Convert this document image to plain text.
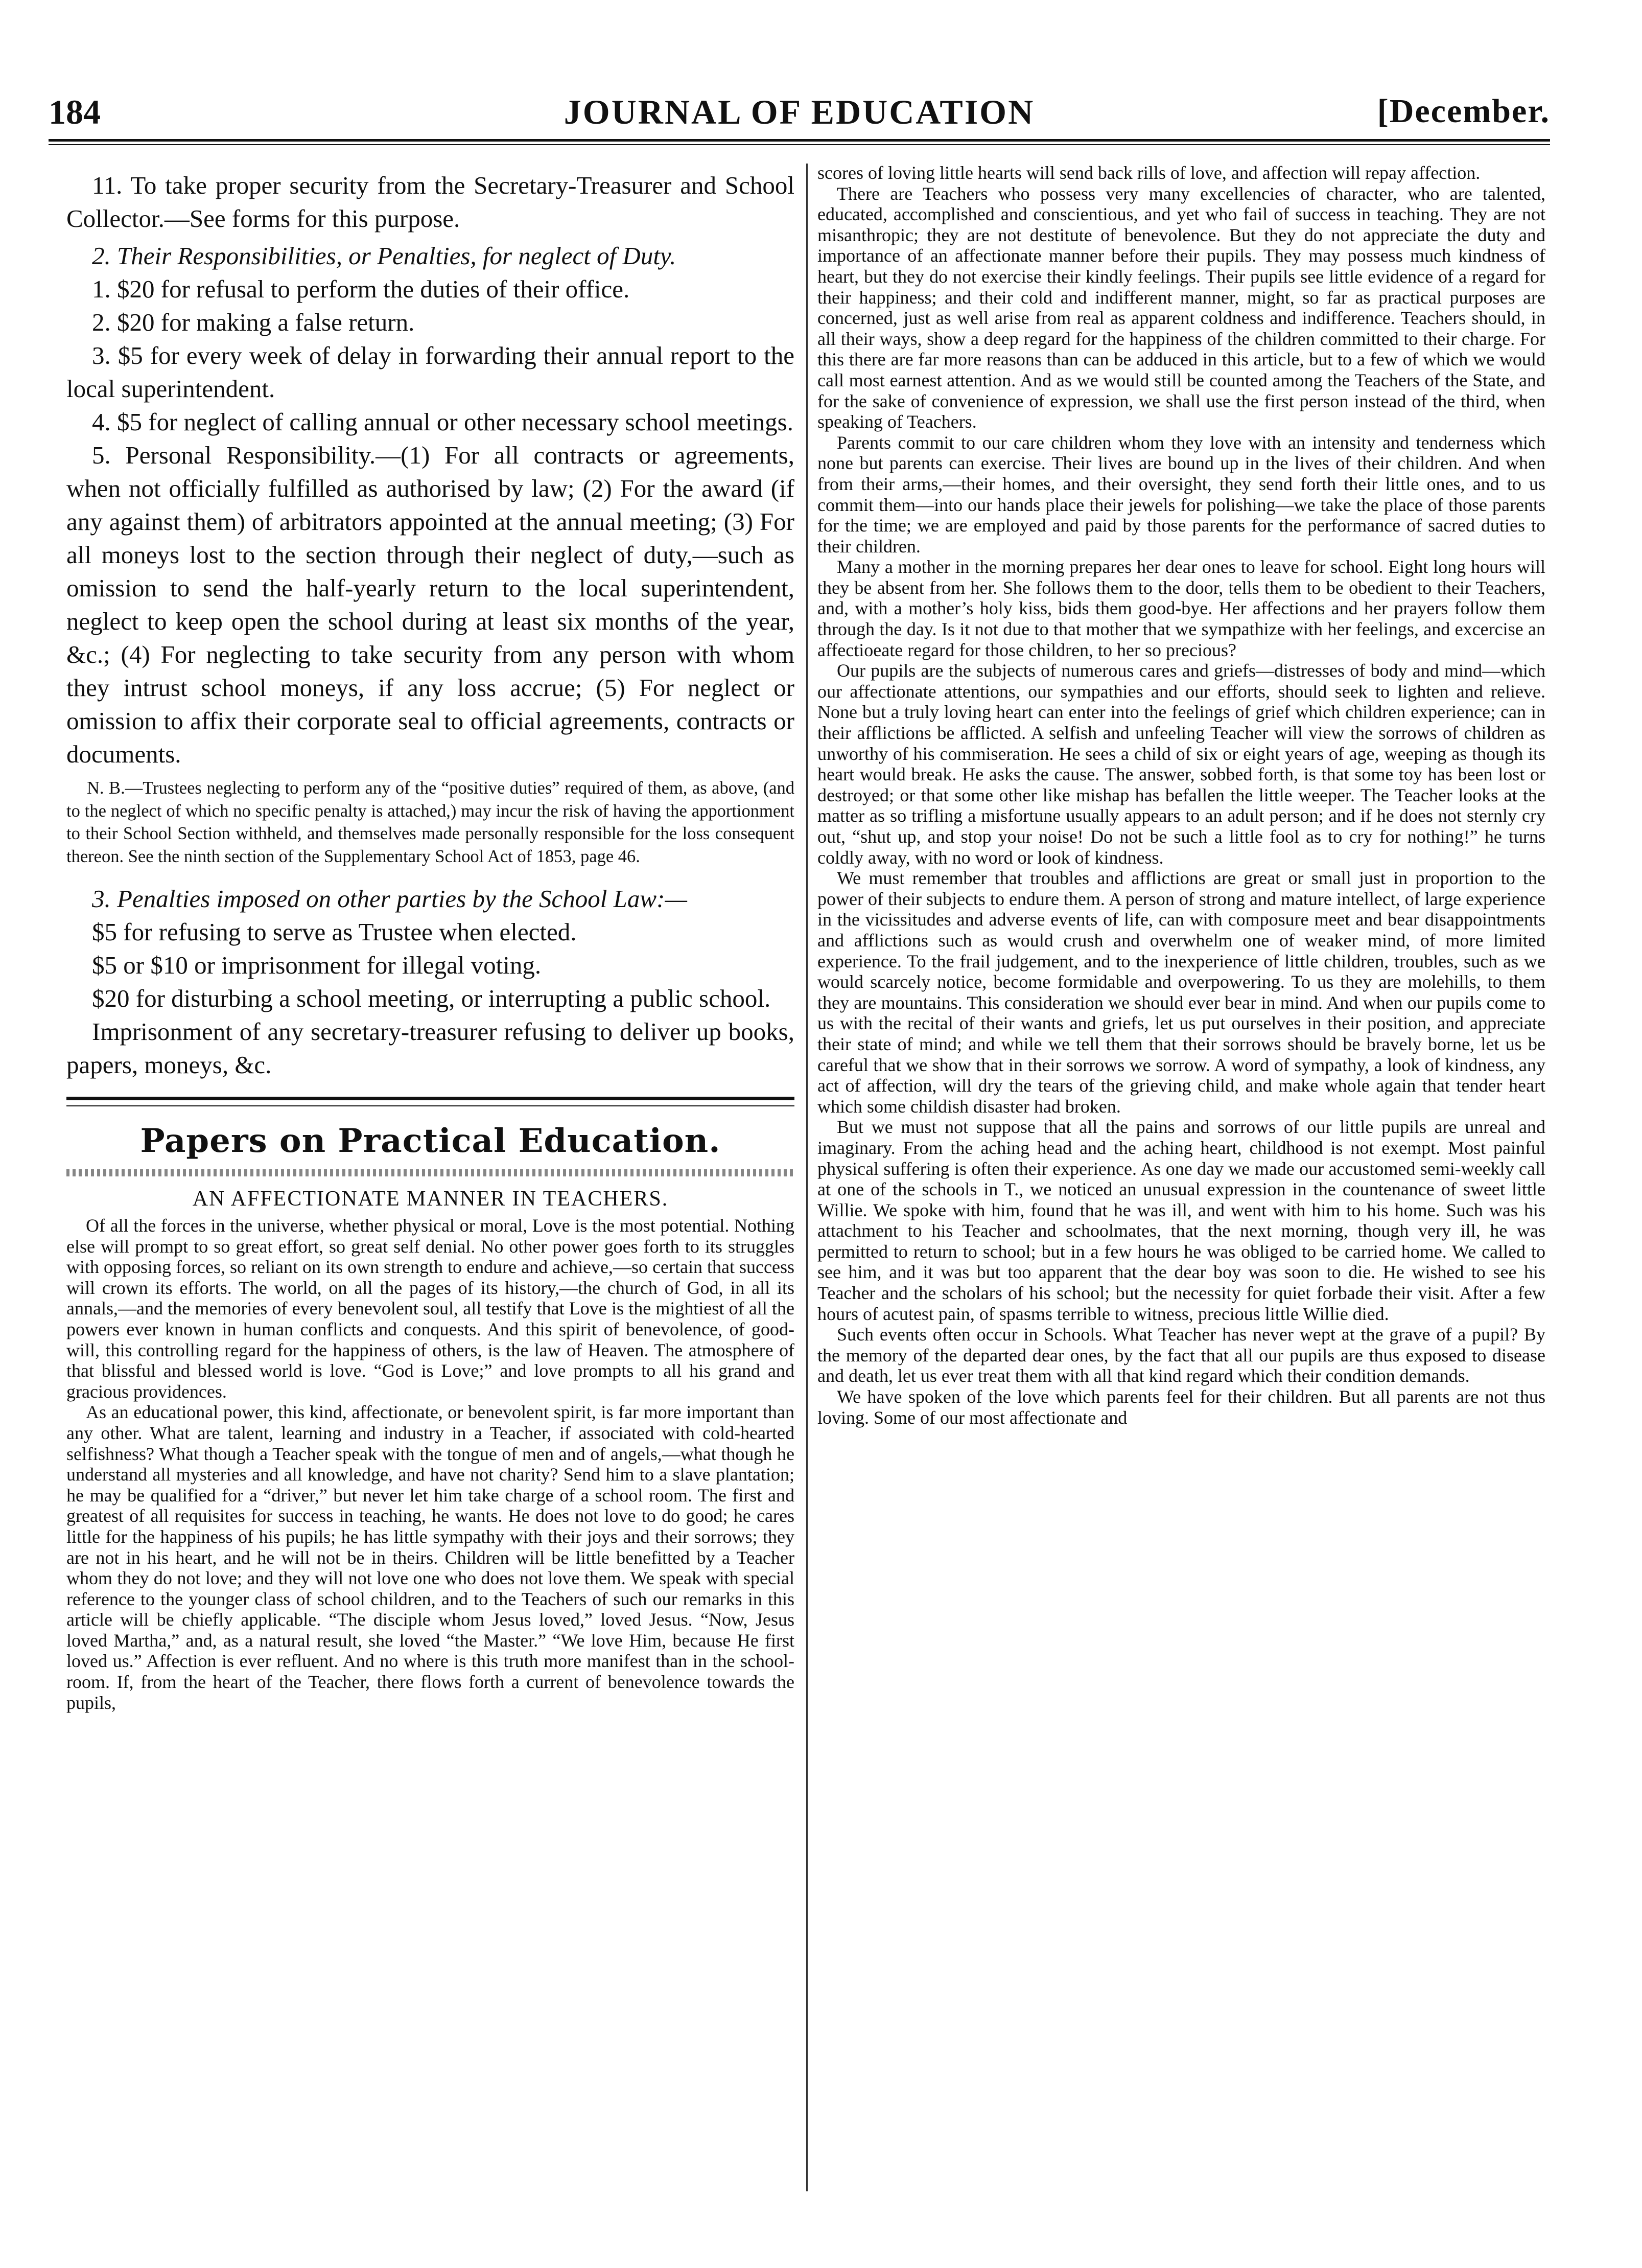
184	JOURNAL OF EDUCATION	[December.

11. To take proper security from the Secretary-Treasurer and School Collector.—See forms for this purpose.

2. Their Responsibilities, or Penalties, for neglect of Duty.

1. $20 for refusal to perform the duties of their office.

2. $20 for making a false return.

3. $5 for every week of delay in forwarding their annual report to the local superintendent.

4. $5 for neglect of calling annual or other necessary school meetings.

5. Personal Responsibility.—(1) For all contracts or agreements, when not officially fulfilled as authorised by law; (2) For the award (if any against them) of arbitrators appointed at the annual meeting; (3) For all moneys lost to the section through their neglect of duty,—such as omission to send the half-yearly return to the local superintendent, neglect to keep open the school during at least six months of the year, &c.; (4) For neglecting to take security from any person with whom they intrust school moneys, if any loss accrue; (5) For neglect or omission to affix their corporate seal to official agreements, contracts or documents.

N. B.—Trustees neglecting to perform any of the “positive duties” required of them, as above, (and to the neglect of which no specific penalty is attached,) may incur the risk of having the apportionment to their School Section withheld, and themselves made personally responsible for the loss consequent thereon. See the ninth section of the Supplementary School Act of 1853, page 46.

3. Penalties imposed on other parties by the School Law:—

$5 for refusing to serve as Trustee when elected.

$5 or $10 or imprisonment for illegal voting.

$20 for disturbing a school meeting, or interrupting a public school.

Imprisonment of any secretary-treasurer refusing to deliver up books, papers, moneys, &c.

Papers on Practical Education.
AN AFFECTIONATE MANNER IN TEACHERS.

Of all the forces in the universe, whether physical or moral, Love is the most potential. Nothing else will prompt to so great effort, so great self denial. No other power goes forth to its struggles with opposing forces, so reliant on its own strength to endure and achieve,—so certain that success will crown its efforts. The world, on all the pages of its history,—the church of God, in all its annals,—and the memories of every benevolent soul, all testify that Love is the mightiest of all the powers ever known in human conflicts and conquests. And this spirit of benevolence, of good-will, this controlling regard for the happiness of others, is the law of Heaven. The atmosphere of that blissful and blessed world is love. “God is Love;” and love prompts to all his grand and gracious providences.

As an educational power, this kind, affectionate, or benevolent spirit, is far more important than any other. What are talent, learning and industry in a Teacher, if associated with cold-hearted selfishness? What though a Teacher speak with the tongue of men and of angels,—what though he understand all mysteries and all knowledge, and have not charity? Send him to a slave plantation; he may be qualified for a “driver,” but never let him take charge of a school room. The first and greatest of all requisites for success in teaching, he wants. He does not love to do good; he cares little for the happiness of his pupils; he has little sympathy with their joys and their sorrows; they are not in his heart, and he will not be in theirs. Children will be little benefitted by a Teacher whom they do not love; and they will not love one who does not love them. We speak with special reference to the younger class of school children, and to the Teachers of such our remarks in this article will be chiefly applicable. “The disciple whom Jesus loved,” loved Jesus. “Now, Jesus loved Martha,” and, as a natural result, she loved “the Master.” “We love Him, because He first loved us.” Affection is ever refluent. And no where is this truth more manifest than in the school-room. If, from the heart of the Teacher, there flows forth a current of benevolence towards the pupils,

scores of loving little hearts will send back rills of love, and affection will repay affection.

There are Teachers who possess very many excellencies of character, who are talented, educated, accomplished and conscientious, and yet who fail of success in teaching. They are not misanthropic; they are not destitute of benevolence. But they do not appreciate the duty and importance of an affectionate manner before their pupils. They may possess much kindness of heart, but they do not exercise their kindly feelings. Their pupils see little evidence of a regard for their happiness; and their cold and indifferent manner, might, so far as practical purposes are concerned, just as well arise from real as apparent coldness and indifference. Teachers should, in all their ways, show a deep regard for the happiness of the children committed to their charge. For this there are far more reasons than can be adduced in this article, but to a few of which we would call most earnest attention. And as we would still be counted among the Teachers of the State, and for the sake of convenience of expression, we shall use the first person instead of the third, when speaking of Teachers.

Parents commit to our care children whom they love with an intensity and tenderness which none but parents can exercise. Their lives are bound up in the lives of their children. And when from their arms,—their homes, and their oversight, they send forth their little ones, and to us commit them—into our hands place their jewels for polishing—we take the place of those parents for the time; we are employed and paid by those parents for the performance of sacred duties to their children.

Many a mother in the morning prepares her dear ones to leave for school. Eight long hours will they be absent from her. She follows them to the door, tells them to be obedient to their Teachers, and, with a mother’s holy kiss, bids them good-bye. Her affections and her prayers follow them through the day. Is it not due to that mother that we sympathize with her feelings, and excercise an affectioeate regard for those children, to her so precious?

Our pupils are the subjects of numerous cares and griefs—distresses of body and mind—which our affectionate attentions, our sympathies and our efforts, should seek to lighten and relieve. None but a truly loving heart can enter into the feelings of grief which children experience; can in their afflictions be afflicted. A selfish and unfeeling Teacher will view the sorrows of children as unworthy of his commiseration. He sees a child of six or eight years of age, weeping as though its heart would break. He asks the cause. The answer, sobbed forth, is that some toy has been lost or destroyed; or that some other like mishap has befallen the little weeper. The Teacher looks at the matter as so trifling a misfortune usually appears to an adult person; and if he does not sternly cry out, “shut up, and stop your noise! Do not be such a little fool as to cry for nothing!” he turns coldly away, with no word or look of kindness.

We must remember that troubles and afflictions are great or small just in proportion to the power of their subjects to endure them. A person of strong and mature intellect, of large experience in the vicissitudes and adverse events of life, can with composure meet and bear disappointments and afflictions such as would crush and overwhelm one of weaker mind, of more limited experience. To the frail judgement, and to the inexperience of little children, troubles, such as we would scarcely notice, become formidable and overpowering. To us they are molehills, to them they are mountains. This consideration we should ever bear in mind. And when our pupils come to us with the recital of their wants and griefs, let us put ourselves in their position, and appreciate their state of mind; and while we tell them that their sorrows should be bravely borne, let us be careful that we show that in their sorrows we sorrow. A word of sympathy, a look of kindness, any act of affection, will dry the tears of the grieving child, and make whole again that tender heart which some childish disaster had broken.

But we must not suppose that all the pains and sorrows of our little pupils are unreal and imaginary. From the aching head and the aching heart, childhood is not exempt. Most painful physical suffering is often their experience. As one day we made our accustomed semi-weekly call at one of the schools in T., we noticed an unusual expression in the countenance of sweet little Willie. We spoke with him, found that he was ill, and went with him to his home. Such was his attachment to his Teacher and schoolmates, that the next morning, though very ill, he was permitted to return to school; but in a few hours he was obliged to be carried home. We called to see him, and it was but too apparent that the dear boy was soon to die. He wished to see his Teacher and the scholars of his school; but the necessity for quiet forbade their visit. After a few hours of acutest pain, of spasms terrible to witness, precious little Willie died.

Such events often occur in Schools. What Teacher has never wept at the grave of a pupil? By the memory of the departed dear ones, by the fact that all our pupils are thus exposed to disease and death, let us ever treat them with all that kind regard which their condition demands.

We have spoken of the love which parents feel for their children. But all parents are not thus loving. Some of our most affectionate and
